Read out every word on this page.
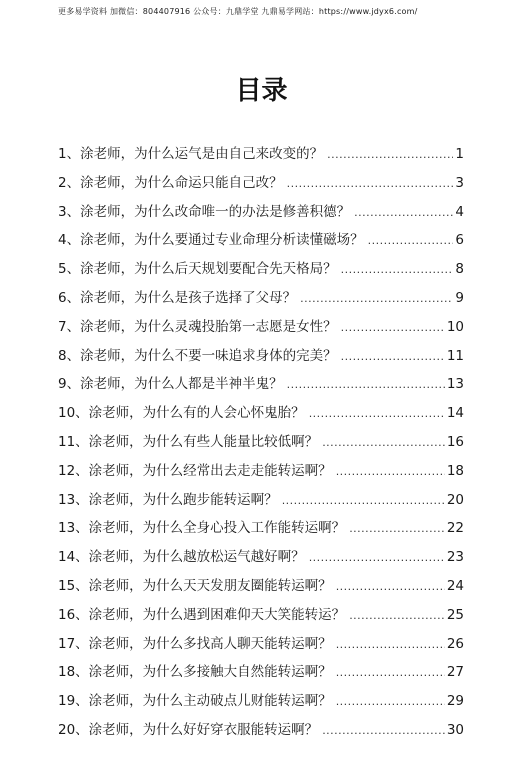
更多易学资料 加微信：804407916 公众号：九鼎学堂 九鼎易学网站：https://www.jdyx6.com/
目录
1、涂老师，为什么运气是由自己来改变的？ .....	1
2、涂老师，为什么命运只能自己改？ .....	3
3、涂老师，为什么改命唯一的办法是修善积德？ .....	4
4、涂老师，为什么要通过专业命理分析读懂磁场？ .....	6
5、涂老师，为什么后天规划要配合先天格局？ .....	8
6、涂老师，为什么是孩子选择了父母？ .....	9
7、涂老师，为什么灵魂投胎第一志愿是女性？ .....	10
8、涂老师，为什么不要一味追求身体的完美？ .....	11
9、涂老师，为什么人都是半神半鬼？ .....	13
10、涂老师，为什么有的人会心怀鬼胎？ .....	14
11、涂老师，为什么有些人能量比较低啊？ .....	16
12、涂老师，为什么经常出去走走能转运啊？ .....	18
13、涂老师，为什么跑步能转运啊？ .....	20
13、涂老师，为什么全身心投入工作能转运啊？ .....	22
14、涂老师，为什么越放松运气越好啊？ .....	23
15、涂老师，为什么天天发朋友圈能转运啊？ .....	24
16、涂老师，为什么遇到困难仰天大笑能转运？ .....	25
17、涂老师，为什么多找高人聊天能转运啊？ .....	26
18、涂老师，为什么多接触大自然能转运啊？ .....	27
19、涂老师，为什么主动破点儿财能转运啊？ .....	29
20、涂老师，为什么好好穿衣服能转运啊？ .....	30
